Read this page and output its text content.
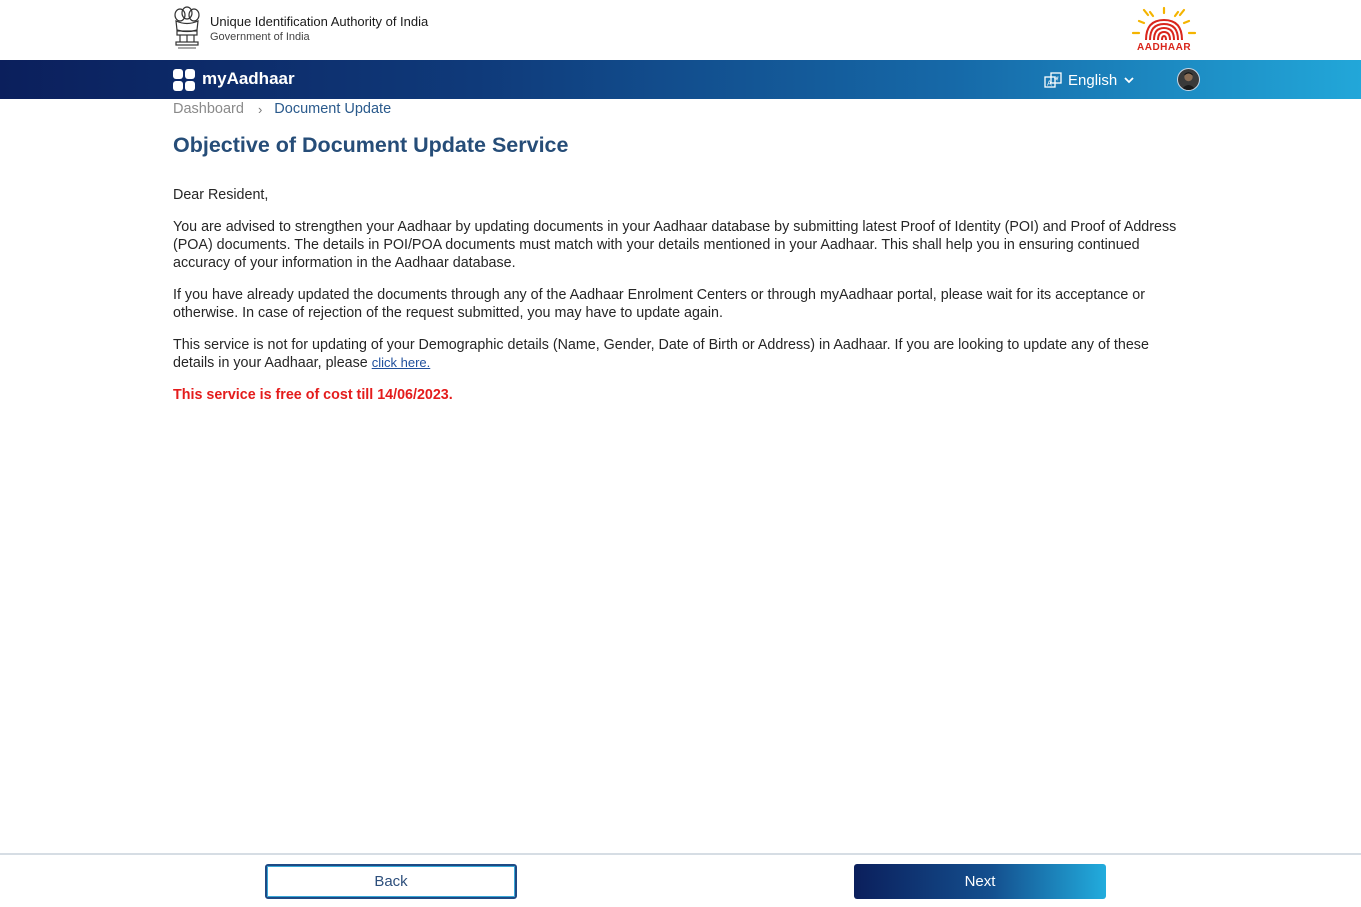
Unique Identification Authority of India
Government of India
AADHAAR
myAadhaar	A
अ English
Dashboard › Document Update
Objective of Document Update Service

Dear Resident,

You are advised to strengthen your Aadhaar by updating documents in your Aadhaar database by submitting latest Proof of Identity (POI) and Proof of Address (POA) documents. The details in POI/POA documents must match with your details mentioned in your Aadhaar. This shall help you in ensuring continued accuracy of your information in the Aadhaar database.

If you have already updated the documents through any of the Aadhaar Enrolment Centers or through myAadhaar portal, please wait for its acceptance or otherwise. In case of rejection of the request submitted, you may have to update again.

This service is not for updating of your Demographic details (Name, Gender, Date of Birth or Address) in Aadhaar. If you are looking to update any of these details in your Aadhaar, please click here.

This service is free of cost till 14/06/2023.

Back	Next
